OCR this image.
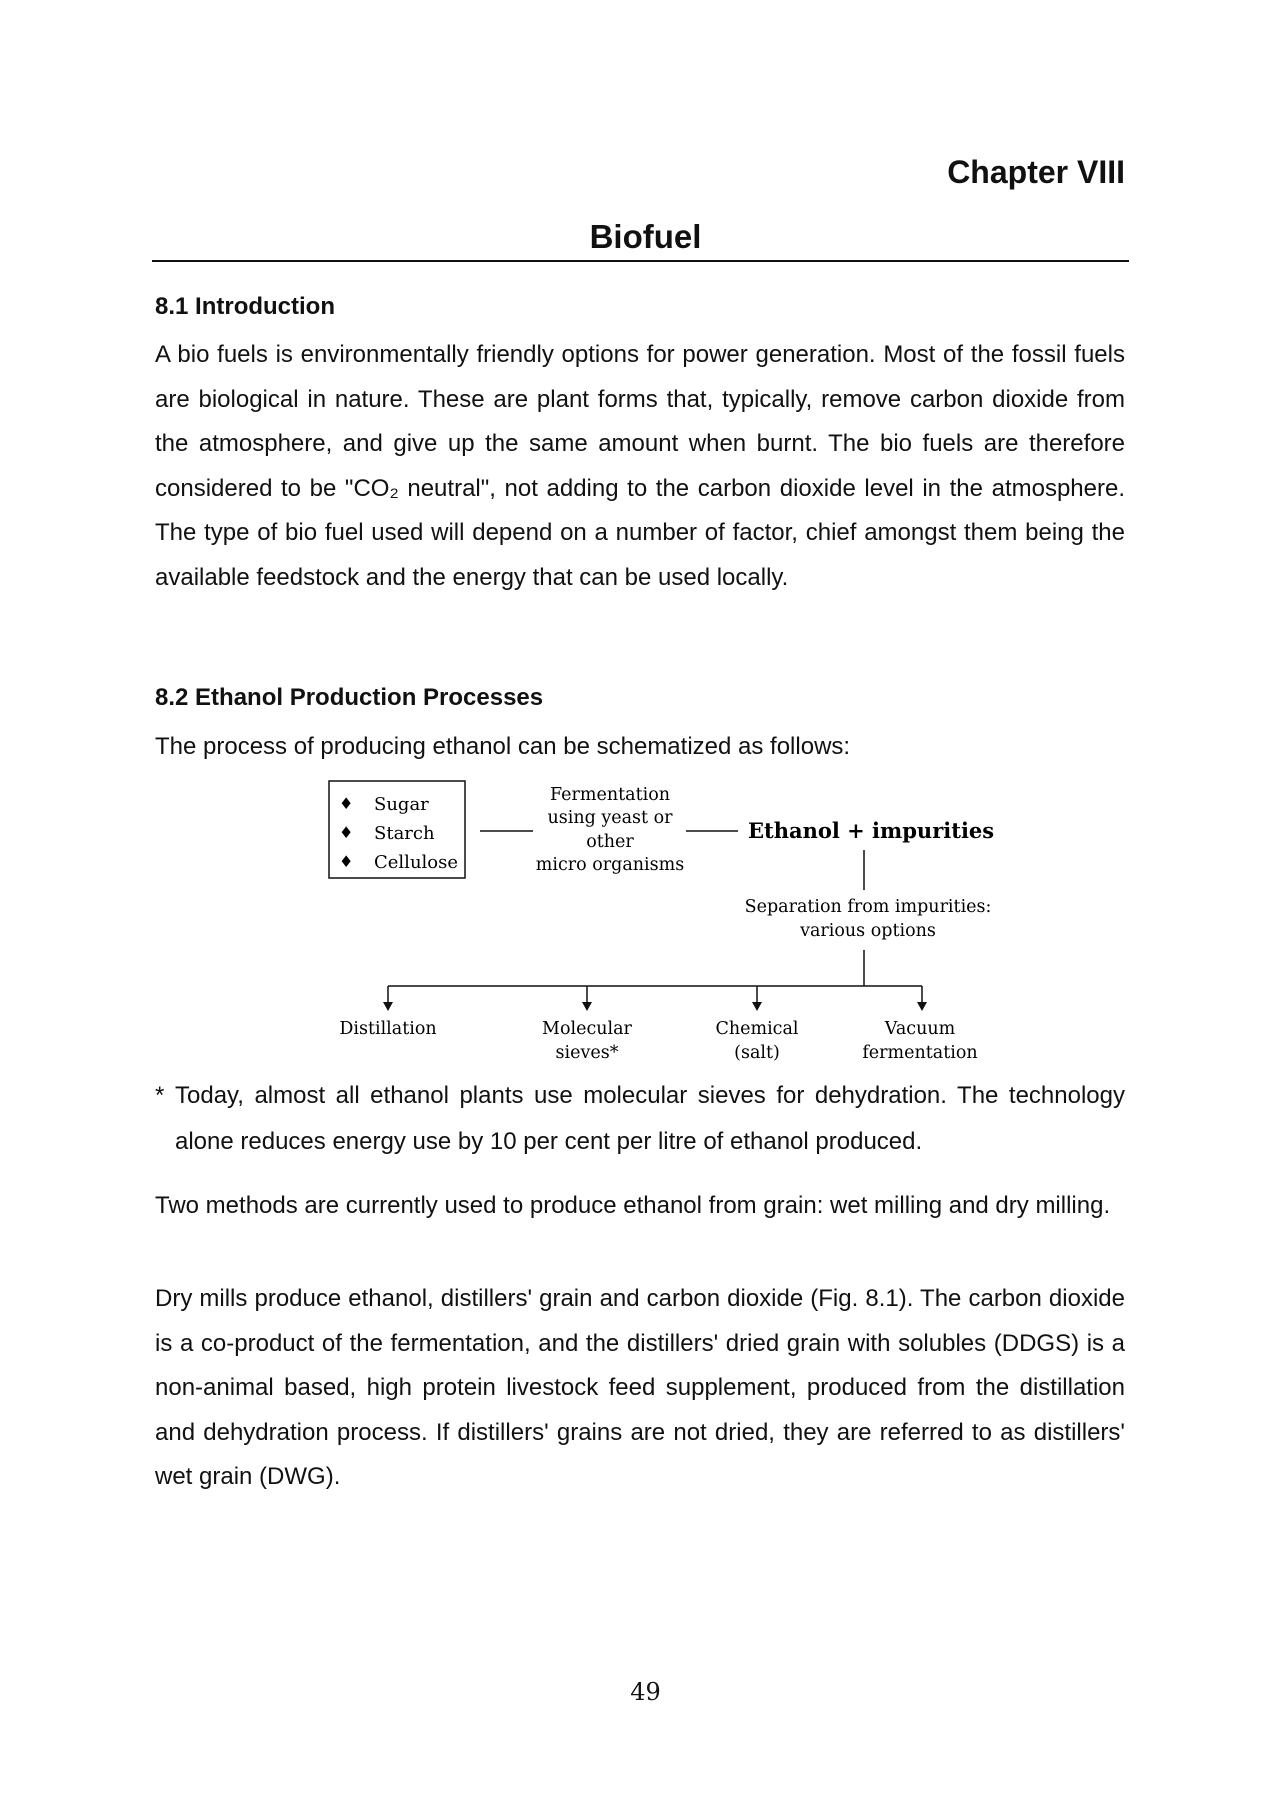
Chapter VIII
Biofuel
8.1 Introduction

A bio fuels is environmentally friendly options for power generation. Most of the fossil fuels are biological in nature. These are plant forms that, typically, remove carbon dioxide from the atmosphere, and give up the same amount when burnt. The bio fuels are therefore considered to be "CO₂ neutral", not adding to the carbon dioxide level in the atmosphere. The type of bio fuel used will depend on a number of factor, chief amongst them being the available feedstock and the energy that can be used locally.

8.2 Ethanol Production Processes

The process of producing ethanol can be schematized as follows:

♦ Sugar
♦ Starch
♦ Cellulose
Fermentation
using yeast or
other
micro organisms
Ethanol + impurities
Separation from impurities:
various options
Distillation	Molecular
sieves*
Chemical
(salt)
Vacuum
fermentation

* Today, almost all ethanol plants use molecular sieves for dehydration. The technology alone reduces energy use by 10 per cent per litre of ethanol produced.

Two methods are currently used to produce ethanol from grain: wet milling and dry milling.

Dry mills produce ethanol, distillers' grain and carbon dioxide (Fig. 8.1). The carbon dioxide is a co-product of the fermentation, and the distillers' dried grain with solubles (DDGS) is a non-animal based, high protein livestock feed supplement, produced from the distillation and dehydration process. If distillers' grains are not dried, they are referred to as distillers' wet grain (DWG).

49
